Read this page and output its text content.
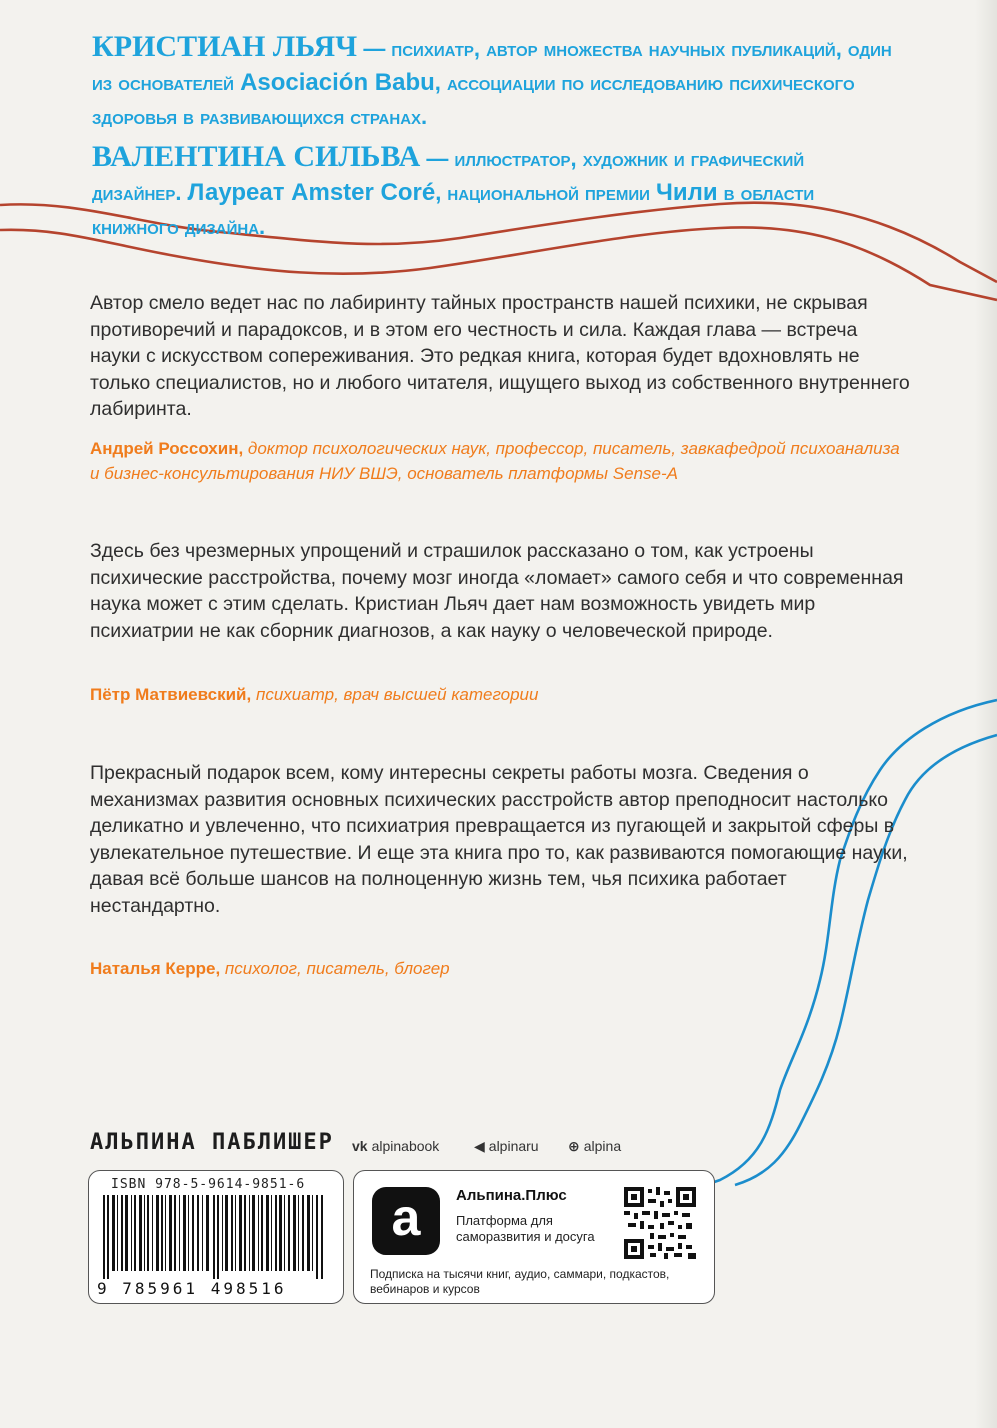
КРИСТИАН ЛЬЯЧ — психиатр, автор множества научных публикаций, один из основателей Asociación Babu, ассоциации по исследованию психического здоровья в развивающихся странах.
ВАЛЕНТИНА СИЛЬВА — иллюстратор, художник и графический дизайнер. Лауреат Amster Coré, национальной премии Чили в области книжного дизайна.

Автор смело ведет нас по лабиринту тайных пространств нашей психики, не скрывая противоречий и парадоксов, и в этом его честность и сила. Каждая глава — встреча науки с искусством сопереживания. Это редкая книга, которая будет вдохновлять не только специалистов, но и любого читателя, ищущего выход из собственного внутреннего лабиринта.

Андрей Россохин, доктор психологических наук, профессор, писатель, завкафедрой психоанализа и бизнес-консультирования НИУ ВШЭ, основатель платформы Sense-A

Здесь без чрезмерных упрощений и страшилок рассказано о том, как устроены психические расстройства, почему мозг иногда «ломает» самого себя и что современная наука может с этим сделать. Кристиан Льяч дает нам возможность увидеть мир психиатрии не как сборник диагнозов, а как науку о человеческой природе.

Пётр Матвиевский, психиатр, врач высшей категории

Прекрасный подарок всем, кому интересны секреты работы мозга. Сведения о механизмах развития основных психических расстройств автор преподносит настолько деликатно и увлеченно, что психиатрия превращается из пугающей и закрытой сферы в увлекательное путешествие. И еще эта книга про то, как развиваются помогающие науки, давая всё больше шансов на полноценную жизнь тем, чья психика работает нестандартно.

Наталья Керре, психолог, писатель, блогер
АЛЬПИНА ПАБЛИШЕР vk alpinabook ◀ alpinaru ⊕ alpina
ISBN 978-5-9614-9851-6
9 785961 498516
a	Альпина.Плюс
Платформа для саморазвития и досуга
Подписка на тысячи книг, аудио, саммари, подкастов, вебинаров и курсов
